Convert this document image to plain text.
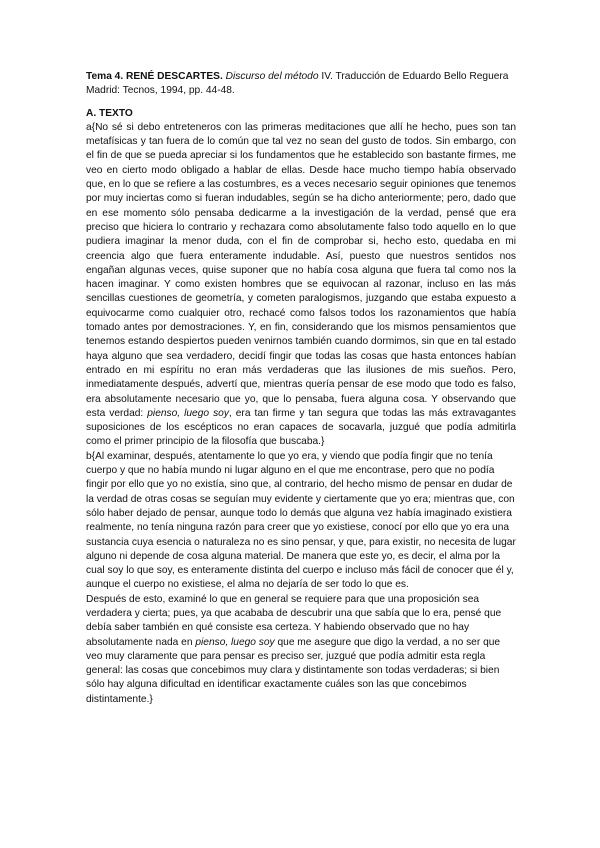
Tema 4. RENÉ DESCARTES. Discurso del método IV. Traducción de Eduardo Bello Reguera Madrid: Tecnos, 1994, pp. 44-48.

A. TEXTO

a{No sé si debo entreteneros con las primeras meditaciones que allí he hecho, pues son tan metafísicas y tan fuera de lo común que tal vez no sean del gusto de todos. Sin embargo, con el fin de que se pueda apreciar si los fundamentos que he establecido son bastante firmes, me veo en cierto modo obligado a hablar de ellas. Desde hace mucho tiempo había observado que, en lo que se refiere a las costumbres, es a veces necesario seguir opiniones que tenemos por muy inciertas como si fueran indudables, según se ha dicho anteriormente; pero, dado que en ese momento sólo pensaba dedicarme a la investigación de la verdad, pensé que era preciso que hiciera lo contrario y rechazara como absolutamente falso todo aquello en lo que pudiera imaginar la menor duda, con el fin de comprobar si, hecho esto, quedaba en mi creencia algo que fuera enteramente indudable. Así, puesto que nuestros sentidos nos engañan algunas veces, quise suponer que no había cosa alguna que fuera tal como nos la hacen imaginar. Y como existen hombres que se equivocan al razonar, incluso en las más sencillas cuestiones de geometría, y cometen paralogismos, juzgando que estaba expuesto a equivocarme como cualquier otro, rechacé como falsos todos los razonamientos que había tomado antes por demostraciones. Y, en fin, considerando que los mismos pensamientos que tenemos estando despiertos pueden venirnos también cuando dormimos, sin que en tal estado haya alguno que sea verdadero, decidí fingir que todas las cosas que hasta entonces habían entrado en mi espíritu no eran más verdaderas que las ilusiones de mis sueños. Pero, inmediatamente después, advertí que, mientras quería pensar de ese modo que todo es falso, era absolutamente necesario que yo, que lo pensaba, fuera alguna cosa. Y observando que esta verdad: pienso, luego soy, era tan firme y tan segura que todas las más extravagantes suposiciones de los escépticos no eran capaces de socavarla, juzgué que podía admitirla como el primer principio de la filosofía que buscaba.}

b{Al examinar, después, atentamente lo que yo era, y viendo que podía fingir que no tenía cuerpo y que no había mundo ni lugar alguno en el que me encontrase, pero que no podía fingir por ello que yo no existía, sino que, al contrario, del hecho mismo de pensar en dudar de la verdad de otras cosas se seguían muy evidente y ciertamente que yo era; mientras que, con sólo haber dejado de pensar, aunque todo lo demás que alguna vez había imaginado existiera realmente, no tenía ninguna razón para creer que yo existiese, conocí por ello que yo era una sustancia cuya esencia o naturaleza no es sino pensar, y que, para existir, no necesita de lugar alguno ni depende de cosa alguna material. De manera que este yo, es decir, el alma por la cual soy lo que soy, es enteramente distinta del cuerpo e incluso más fácil de conocer que él y, aunque el cuerpo no existiese, el alma no dejaría de ser todo lo que es.

Después de esto, examiné lo que en general se requiere para que una proposición sea verdadera y cierta; pues, ya que acababa de descubrir una que sabía que lo era, pensé que debía saber también en qué consiste esa certeza. Y habiendo observado que no hay absolutamente nada en pienso, luego soy que me asegure que digo la verdad, a no ser que veo muy claramente que para pensar es preciso ser, juzgué que podía admitir esta regla general: las cosas que concebimos muy clara y distintamente son todas verdaderas; si bien sólo hay alguna dificultad en identificar exactamente cuáles son las que concebimos distintamente.}
